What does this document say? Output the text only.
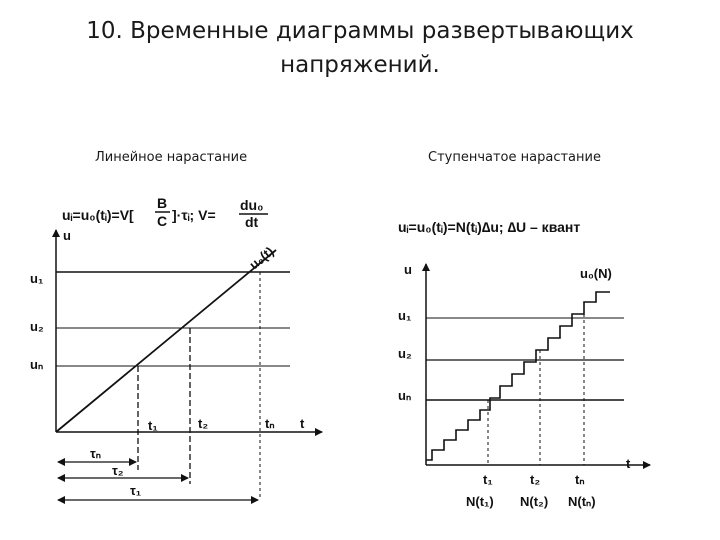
10. Временные диаграммы развертывающих
напряжений.
Линейное нарастание	Ступенчатое нарастание
uᵢ=u₀(tᵢ)=V[
В
С ]·τᵢ; V=
du₀
dt
u
t
u₁
u₂
uₙ
u₀(t)
t₁	t₂	tₙ
τₙ
τ₂
τ₁
uᵢ=u₀(tᵢ)=N(tᵢ)∆u; ∆U – квант
u
t
u₀(N)
u₁
u₂
uₙ
t₁	t₂	tₙ
N(t₁) N(t₂) N(tₙ)
